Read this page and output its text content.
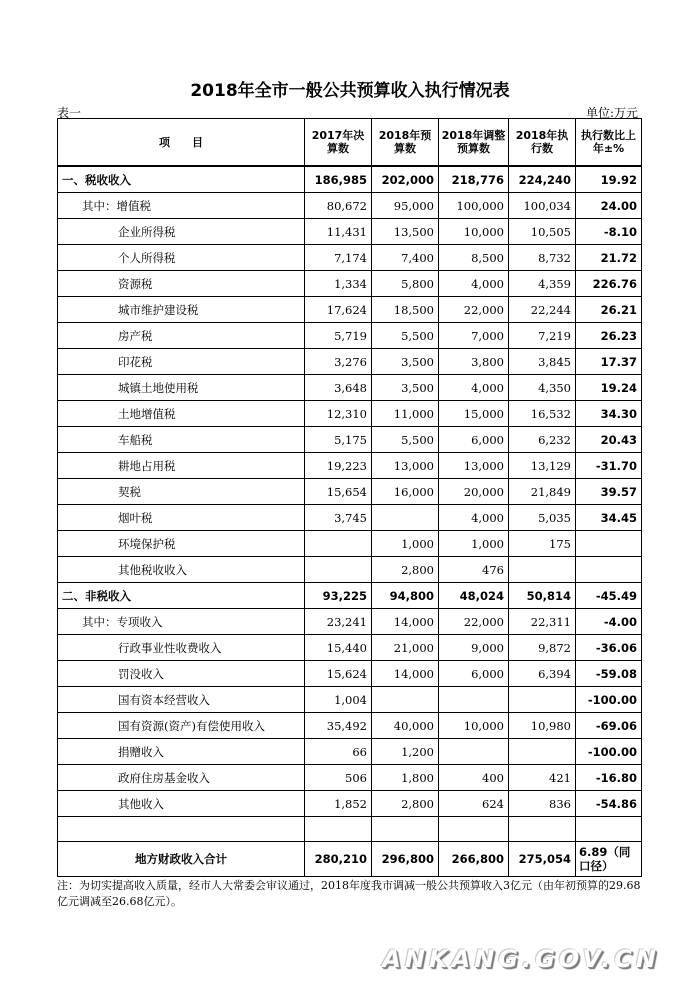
2018年全市一般公共预算收入执行情况表
表一	单位:万元
项　　目	2017年决算数	2018年预算数	2018年调整预算数	2018年执行数	执行数比上年±%
一、税收收入	186,985	202,000	218,776	224,240	19.92
其中：增值税	80,672	95,000	100,000	100,034	24.00
企业所得税	11,431	13,500	10,000	10,505	-8.10
个人所得税	7,174	7,400	8,500	8,732	21.72
资源税	1,334	5,800	4,000	4,359	226.76
城市维护建设税	17,624	18,500	22,000	22,244	26.21
房产税	5,719	5,500	7,000	7,219	26.23
印花税	3,276	3,500	3,800	3,845	17.37
城镇土地使用税	3,648	3,500	4,000	4,350	19.24
土地增值税	12,310	11,000	15,000	16,532	34.30
车船税	5,175	5,500	6,000	6,232	20.43
耕地占用税	19,223	13,000	13,000	13,129	-31.70
契税	15,654	16,000	20,000	21,849	39.57
烟叶税	3,745		4,000	5,035	34.45
环境保护税		1,000	1,000	175	
其他税收收入		2,800	476		
二、非税收入	93,225	94,800	48,024	50,814	-45.49
其中：专项收入	23,241	14,000	22,000	22,311	-4.00
行政事业性收费收入	15,440	21,000	9,000	9,872	-36.06
罚没收入	15,624	14,000	6,000	6,394	-59.08
国有资本经营收入	1,004				-100.00
国有资源(资产)有偿使用收入	35,492	40,000	10,000	10,980	-69.06
捐赠收入	66	1,200			-100.00
政府住房基金收入	506	1,800	400	421	-16.80
其他收入	1,852	2,800	624	836	-54.86

地方财政收入合计	280,210	296,800	266,800	275,054	6.89（同口径）
注：为切实提高收入质量，经市人大常委会审议通过，2018年度我市调减一般公共预算收入3亿元（由年初预算的29.68亿元调减至26.68亿元）。
ANKANG.GOV.CN
